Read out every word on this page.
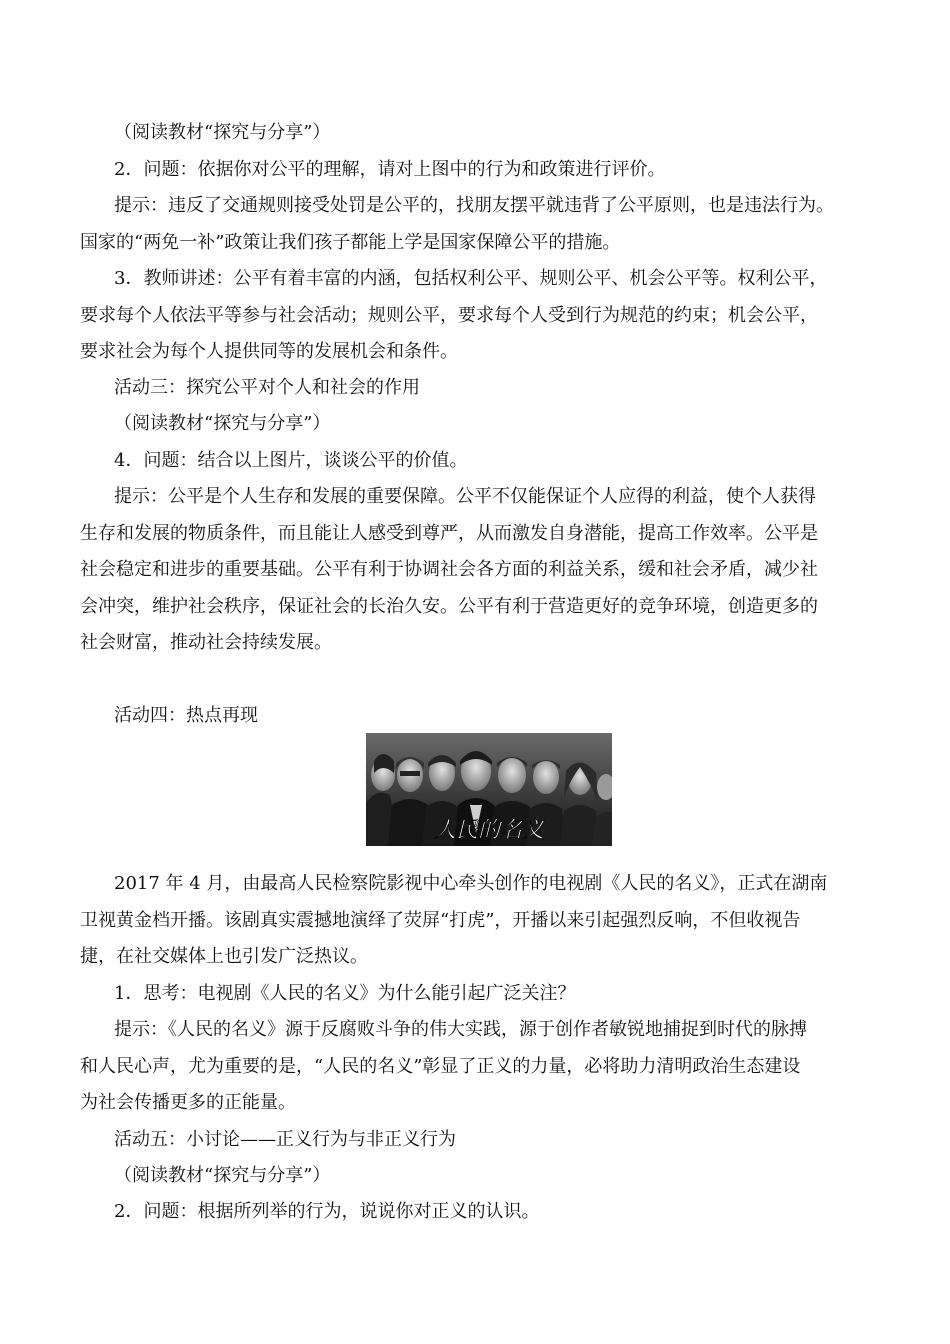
（阅读教材“探究与分享”）

2．问题：依据你对公平的理解，请对上图中的行为和政策进行评价。

提示：违反了交通规则接受处罚是公平的，找朋友摆平就违背了公平原则，也是违法行为。

国家的“两免一补”政策让我们孩子都能上学是国家保障公平的措施。

3．教师讲述：公平有着丰富的内涵，包括权利公平、规则公平、机会公平等。权利公平，

要求每个人依法平等参与社会活动；规则公平，要求每个人受到行为规范的约束；机会公平，

要求社会为每个人提供同等的发展机会和条件。

活动三：探究公平对个人和社会的作用

（阅读教材“探究与分享”）

4．问题：结合以上图片，谈谈公平的价值。

提示：公平是个人生存和发展的重要保障。公平不仅能保证个人应得的利益，使个人获得

生存和发展的物质条件，而且能让人感受到尊严，从而激发自身潜能，提高工作效率。公平是

社会稳定和进步的重要基础。公平有利于协调社会各方面的利益关系，缓和社会矛盾，减少社

会冲突，维护社会秩序，保证社会的长治久安。公平有利于营造更好的竞争环境，创造更多的

社会财富，推动社会持续发展。

活动四：热点再现

人民的名义

2017 年 4 月，由最高人民检察院影视中心牵头创作的电视剧《人民的名义》，正式在湖南

卫视黄金档开播。该剧真实震撼地演绎了荧屏“打虎”，开播以来引起强烈反响，不但收视告

捷，在社交媒体上也引发广泛热议。

1．思考：电视剧《人民的名义》为什么能引起广泛关注？

提示：《人民的名义》源于反腐败斗争的伟大实践，源于创作者敏锐地捕捉到时代的脉搏

和人民心声，尤为重要的是，“人民的名义”彰显了正义的力量，必将助力清明政治生态建设

为社会传播更多的正能量。

活动五：小讨论——正义行为与非正义行为

（阅读教材“探究与分享”）

2．问题：根据所列举的行为，说说你对正义的认识。
